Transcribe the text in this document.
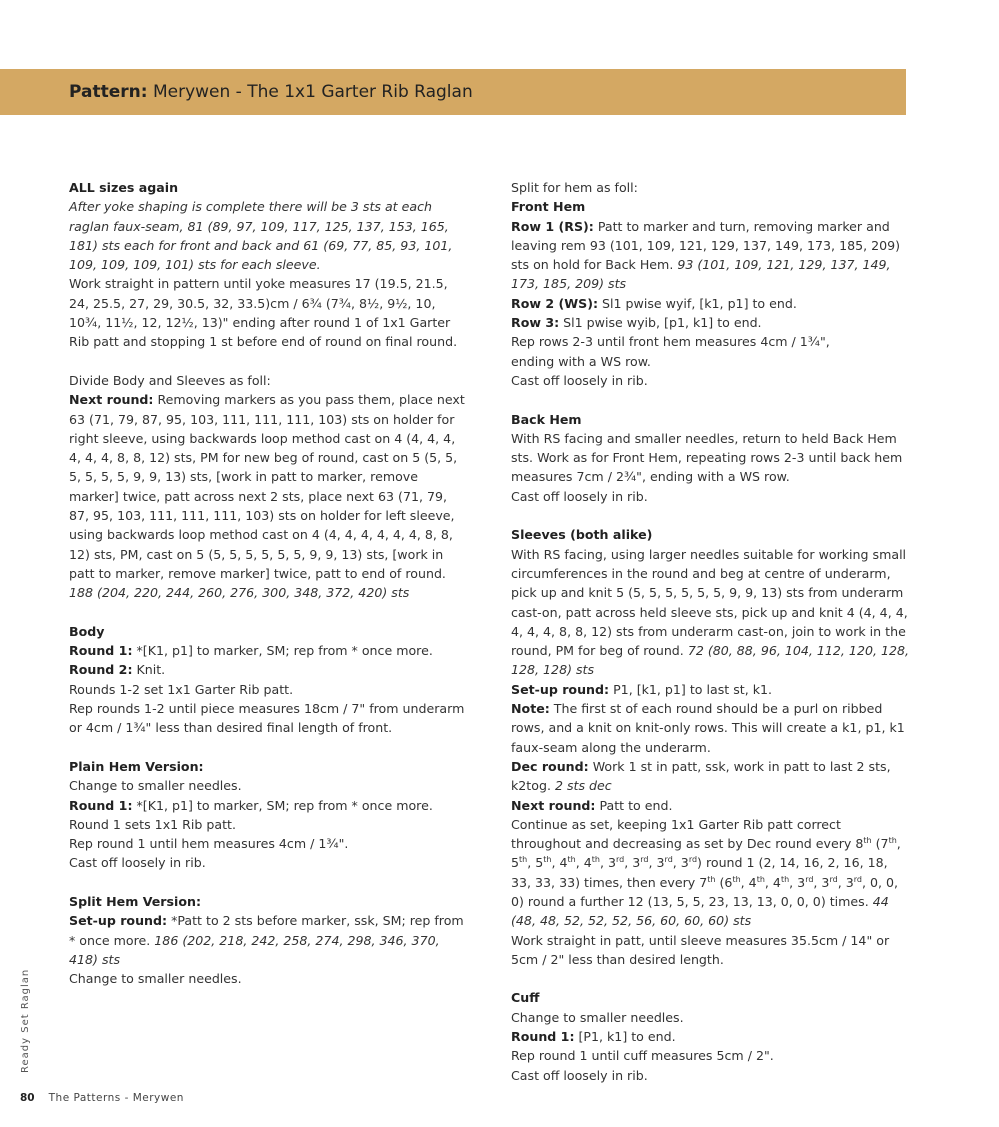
Pattern: Merywen - The 1x1 Garter Rib Raglan

ALL sizes again

After yoke shaping is complete there will be 3 sts at each raglan faux-seam, 81 (89, 97, 109, 117, 125, 137, 153, 165, 181) sts each for front and back and 61 (69, 77, 85, 93, 101, 109, 109, 109, 101) sts for each sleeve.

Work straight in pattern until yoke measures 17 (19.5, 21.5, 24, 25.5, 27, 29, 30.5, 32, 33.5)cm / 6¾ (7¾, 8½, 9½, 10, 10¾, 11½, 12, 12½, 13)" ending after round 1 of 1x1 Garter Rib patt and stopping 1 st before end of round on final round.

Divide Body and Sleeves as foll:

Next round: Removing markers as you pass them, place next 63 (71, 79, 87, 95, 103, 111, 111, 111, 103) sts on holder for right sleeve, using backwards loop method cast on 4 (4, 4, 4, 4, 4, 4, 8, 8, 12) sts, PM for new beg of round, cast on 5 (5, 5, 5, 5, 5, 5, 9, 9, 13) sts, [work in patt to marker, remove marker] twice, patt across next 2 sts, place next 63 (71, 79, 87, 95, 103, 111, 111, 111, 103) sts on holder for left sleeve, using backwards loop method cast on 4 (4, 4, 4, 4, 4, 4, 8, 8, 12) sts, PM, cast on 5 (5, 5, 5, 5, 5, 5, 9, 9, 13) sts, [work in patt to marker, remove marker] twice, patt to end of round.

188 (204, 220, 244, 260, 276, 300, 348, 372, 420) sts

Body

Round 1: *[K1, p1] to marker, SM; rep from * once more.

Round 2: Knit.

Rounds 1-2 set 1x1 Garter Rib patt.

Rep rounds 1-2 until piece measures 18cm / 7" from underarm or 4cm / 1¾" less than desired final length of front.

Plain Hem Version:

Change to smaller needles.

Round 1: *[K1, p1] to marker, SM; rep from * once more.

Round 1 sets 1x1 Rib patt.

Rep round 1 until hem measures 4cm / 1¾".

Cast off loosely in rib.

Split Hem Version:

Set-up round: *Patt to 2 sts before marker, ssk, SM; rep from * once more. 186 (202, 218, 242, 258, 274, 298, 346, 370, 418) sts

Change to smaller needles.

Split for hem as foll:

Front Hem

Row 1 (RS): Patt to marker and turn, removing marker and leaving rem 93 (101, 109, 121, 129, 137, 149, 173, 185, 209) sts on hold for Back Hem. 93 (101, 109, 121, 129, 137, 149, 173, 185, 209) sts

Row 2 (WS): Sl1 pwise wyif, [k1, p1] to end.

Row 3: Sl1 pwise wyib, [p1, k1] to end.

Rep rows 2-3 until front hem measures 4cm / 1¾",

ending with a WS row.

Cast off loosely in rib.

Back Hem

With RS facing and smaller needles, return to held Back Hem sts. Work as for Front Hem, repeating rows 2-3 until back hem measures 7cm / 2¾", ending with a WS row.

Cast off loosely in rib.

Sleeves (both alike)

With RS facing, using larger needles suitable for working small circumferences in the round and beg at centre of underarm, pick up and knit 5 (5, 5, 5, 5, 5, 5, 9, 9, 13) sts from underarm cast-on, patt across held sleeve sts, pick up and knit 4 (4, 4, 4, 4, 4, 4, 8, 8, 12) sts from underarm cast-on, join to work in the round, PM for beg of round. 72 (80, 88, 96, 104, 112, 120, 128, 128, 128) sts

Set-up round: P1, [k1, p1] to last st, k1.

Note: The first st of each round should be a purl on ribbed rows, and a knit on knit-only rows. This will create a k1, p1, k1 faux-seam along the underarm.

Dec round: Work 1 st in patt, ssk, work in patt to last 2 sts, k2tog. 2 sts dec

Next round: Patt to end.

Continue as set, keeping 1x1 Garter Rib patt correct throughout and decreasing as set by Dec round every 8th (7th, 5th, 5th, 4th, 4th, 3rd, 3rd, 3rd, 3rd) round 1 (2, 14, 16, 2, 16, 18, 33, 33, 33) times, then every 7th (6th, 4th, 4th, 3rd, 3rd, 3rd, 0, 0, 0) round a further 12 (13, 5, 5, 23, 13, 13, 0, 0, 0) times. 44 (48, 48, 52, 52, 52, 56, 60, 60, 60) sts

Work straight in patt, until sleeve measures 35.5cm / 14" or 5cm / 2" less than desired length.

Cuff

Change to smaller needles.

Round 1: [P1, k1] to end.

Rep round 1 until cuff measures 5cm / 2".

Cast off loosely in rib.

Ready Set Raglan
80 The Patterns - Merywen
